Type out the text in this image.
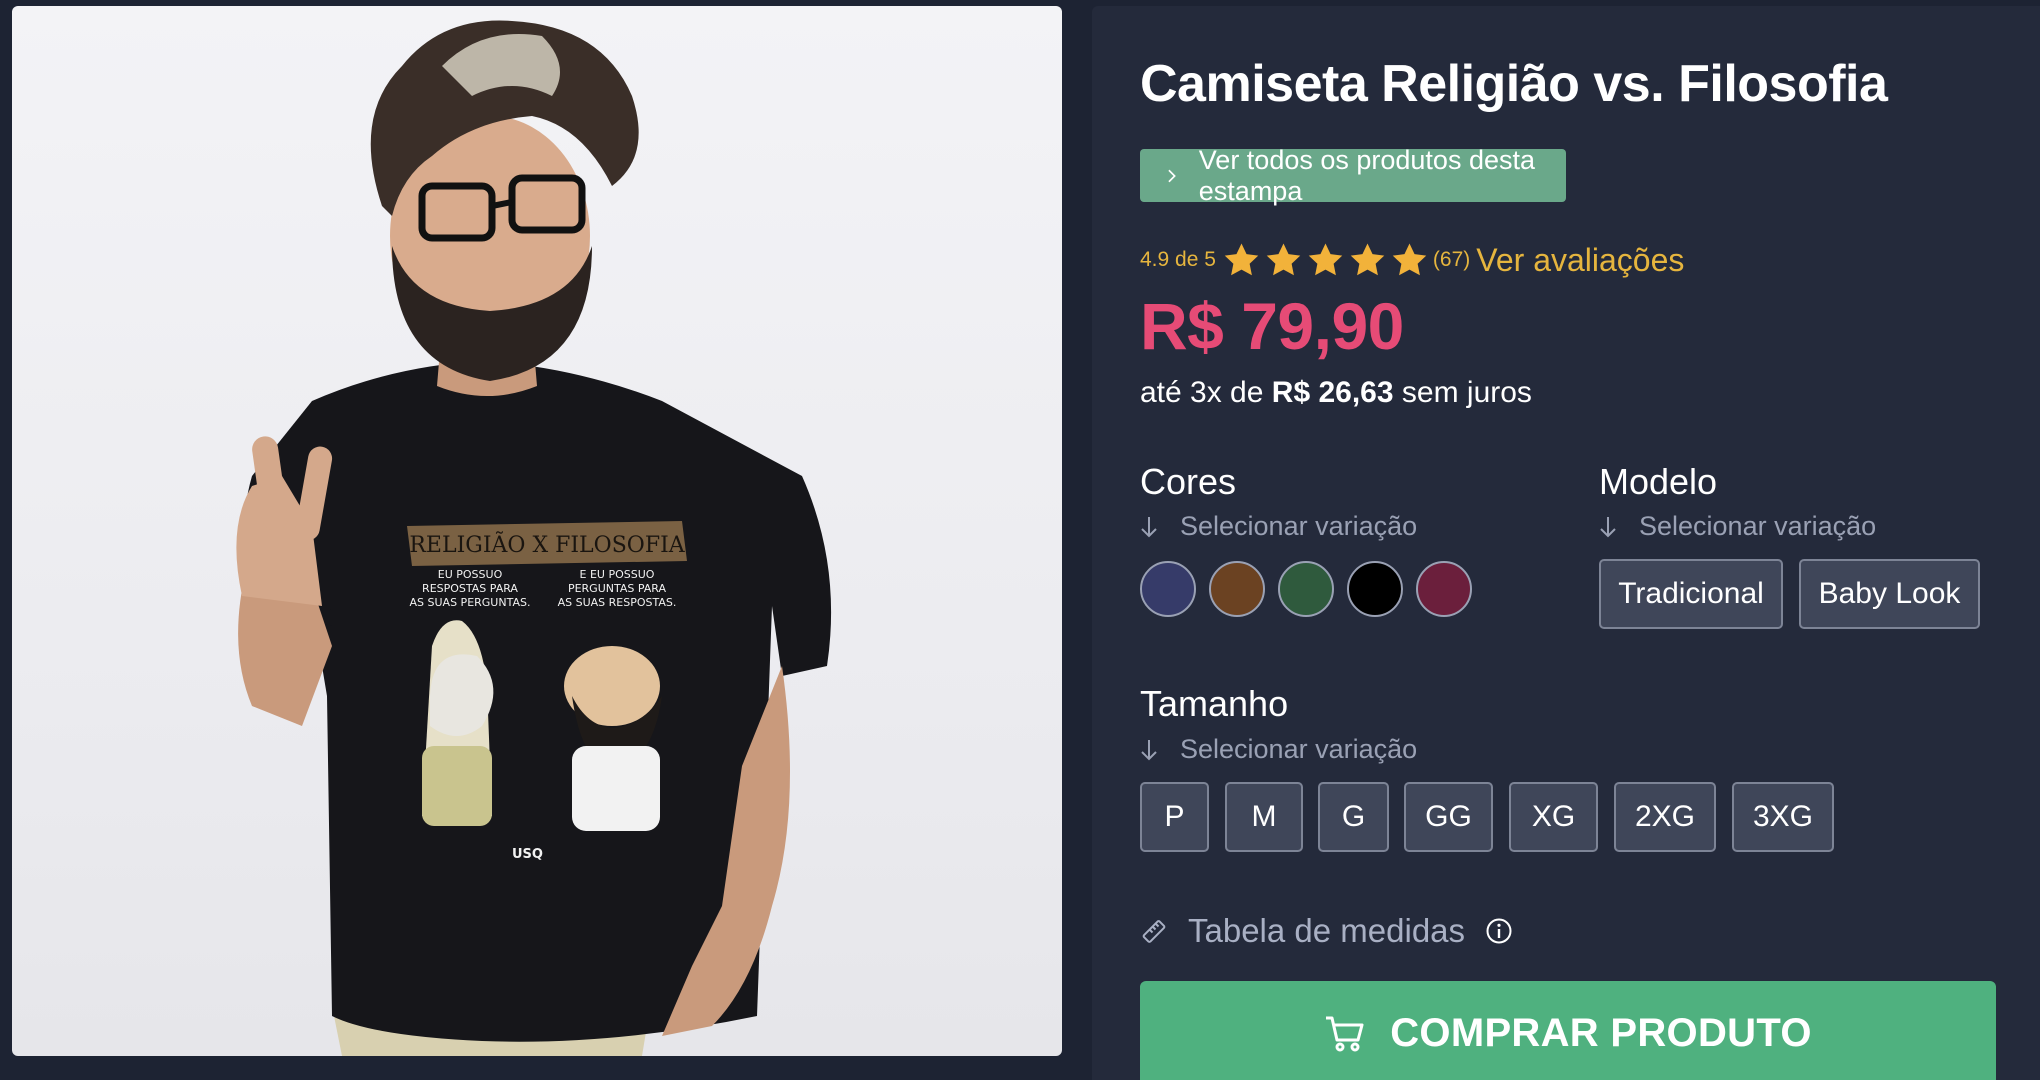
RELIGIÃO X FILOSOFIA
EU POSSUO
RESPOSTAS PARA
AS SUAS PERGUNTAS.
E EU POSSUO
PERGUNTAS PARA
AS SUAS RESPOSTAS.
USQ
Camiseta Religião vs. Filosofia
Ver todos os produtos desta estampa
4.9 de 5	(67) Ver avaliações
R$ 79,90
até 3x de R$ 26,63 sem juros
Cores
Selecionar variação
Modelo
Selecionar variação
Tradicional	Baby Look
Tamanho
Selecionar variação
P	M	G	GG	XG	2XG	3XG
Tabela de medidas
COMPRAR PRODUTO
